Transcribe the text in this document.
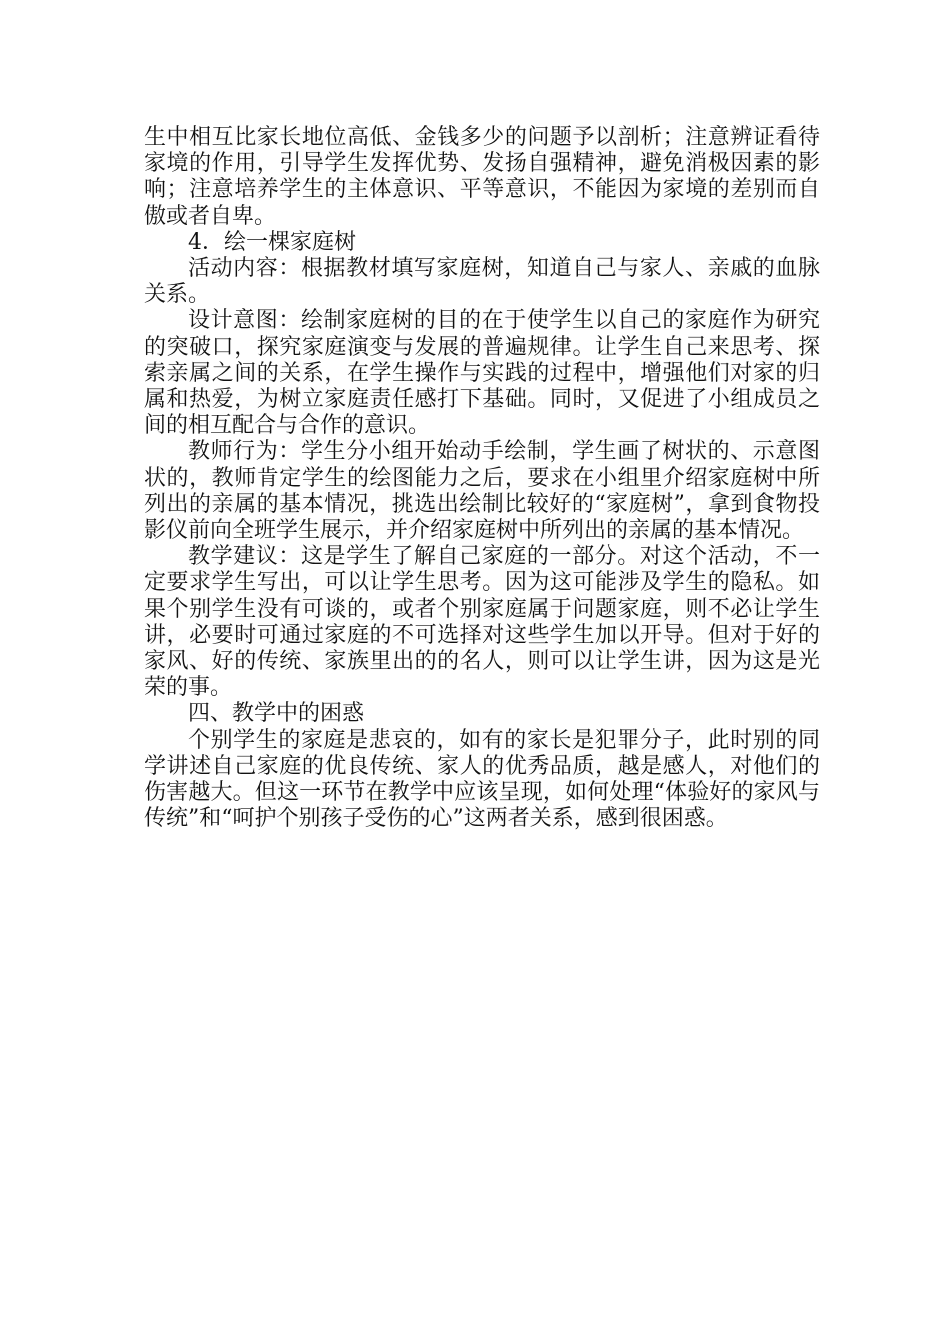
生中相互比家长地位高低、金钱多少的问题予以剖析；注意辨证看待家境的作用，引导学生发挥优势、发扬自强精神，避免消极因素的影响；注意培养学生的主体意识、平等意识，不能因为家境的差别而自傲或者自卑。

4．绘一棵家庭树

活动内容：根据教材填写家庭树，知道自己与家人、亲戚的血脉关系。

设计意图：绘制家庭树的目的在于使学生以自己的家庭作为研究的突破口，探究家庭演变与发展的普遍规律。让学生自己来思考、探索亲属之间的关系，在学生操作与实践的过程中，增强他们对家的归属和热爱，为树立家庭责任感打下基础。同时，又促进了小组成员之间的相互配合与合作的意识。

教师行为：学生分小组开始动手绘制，学生画了树状的、示意图状的，教师肯定学生的绘图能力之后，要求在小组里介绍家庭树中所列出的亲属的基本情况，挑选出绘制比较好的“家庭树”，拿到食物投影仪前向全班学生展示，并介绍家庭树中所列出的亲属的基本情况。

教学建议：这是学生了解自己家庭的一部分。对这个活动，不一定要求学生写出，可以让学生思考。因为这可能涉及学生的隐私。如果个别学生没有可谈的，或者个别家庭属于问题家庭，则不必让学生讲，必要时可通过家庭的不可选择对这些学生加以开导。但对于好的家风、好的传统、家族里出的的名人，则可以让学生讲，因为这是光荣的事。

四、教学中的困惑

个别学生的家庭是悲哀的，如有的家长是犯罪分子，此时别的同学讲述自己家庭的优良传统、家人的优秀品质，越是感人，对他们的伤害越大。但这一环节在教学中应该呈现，如何处理“体验好的家风与传统”和“呵护个别孩子受伤的心”这两者关系，感到很困惑。
